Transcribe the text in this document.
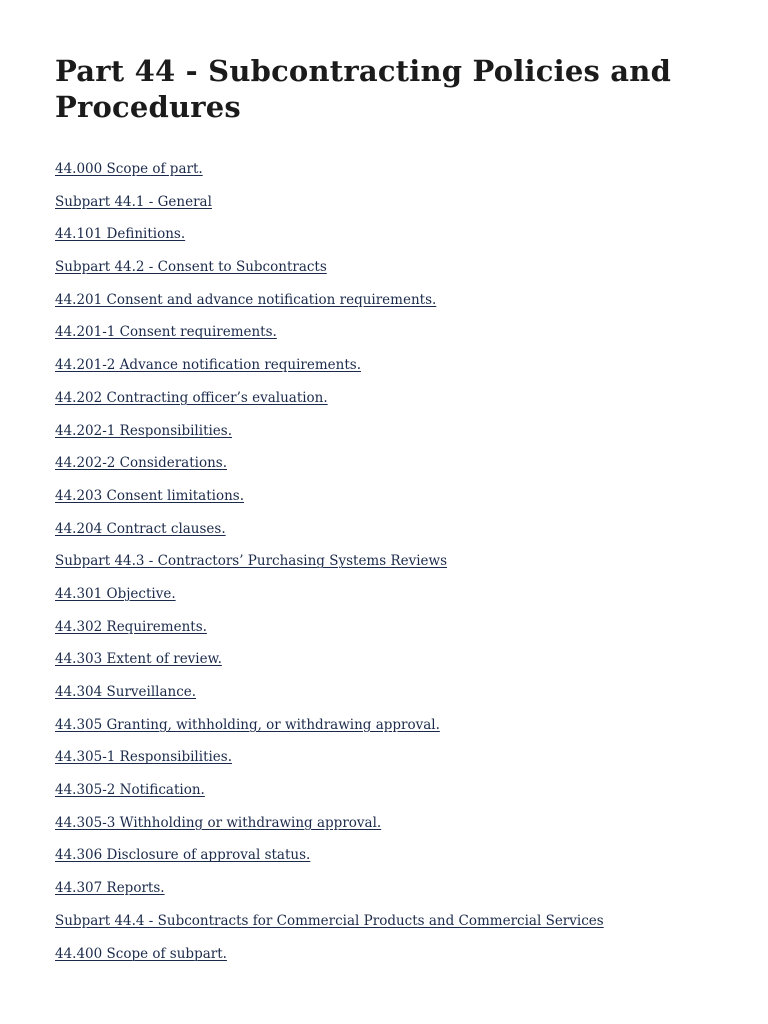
Part 44 - Subcontracting Policies and Procedures
44.000 Scope of part.
Subpart 44.1 - General
44.101 Definitions.
Subpart 44.2 - Consent to Subcontracts
44.201 Consent and advance notification requirements.
44.201-1 Consent requirements.
44.201-2 Advance notification requirements.
44.202 Contracting officer’s evaluation.
44.202-1 Responsibilities.
44.202-2 Considerations.
44.203 Consent limitations.
44.204 Contract clauses.
Subpart 44.3 - Contractors’ Purchasing Systems Reviews
44.301 Objective.
44.302 Requirements.
44.303 Extent of review.
44.304 Surveillance.
44.305 Granting, withholding, or withdrawing approval.
44.305-1 Responsibilities.
44.305-2 Notification.
44.305-3 Withholding or withdrawing approval.
44.306 Disclosure of approval status.
44.307 Reports.
Subpart 44.4 - Subcontracts for Commercial Products and Commercial Services
44.400 Scope of subpart.
